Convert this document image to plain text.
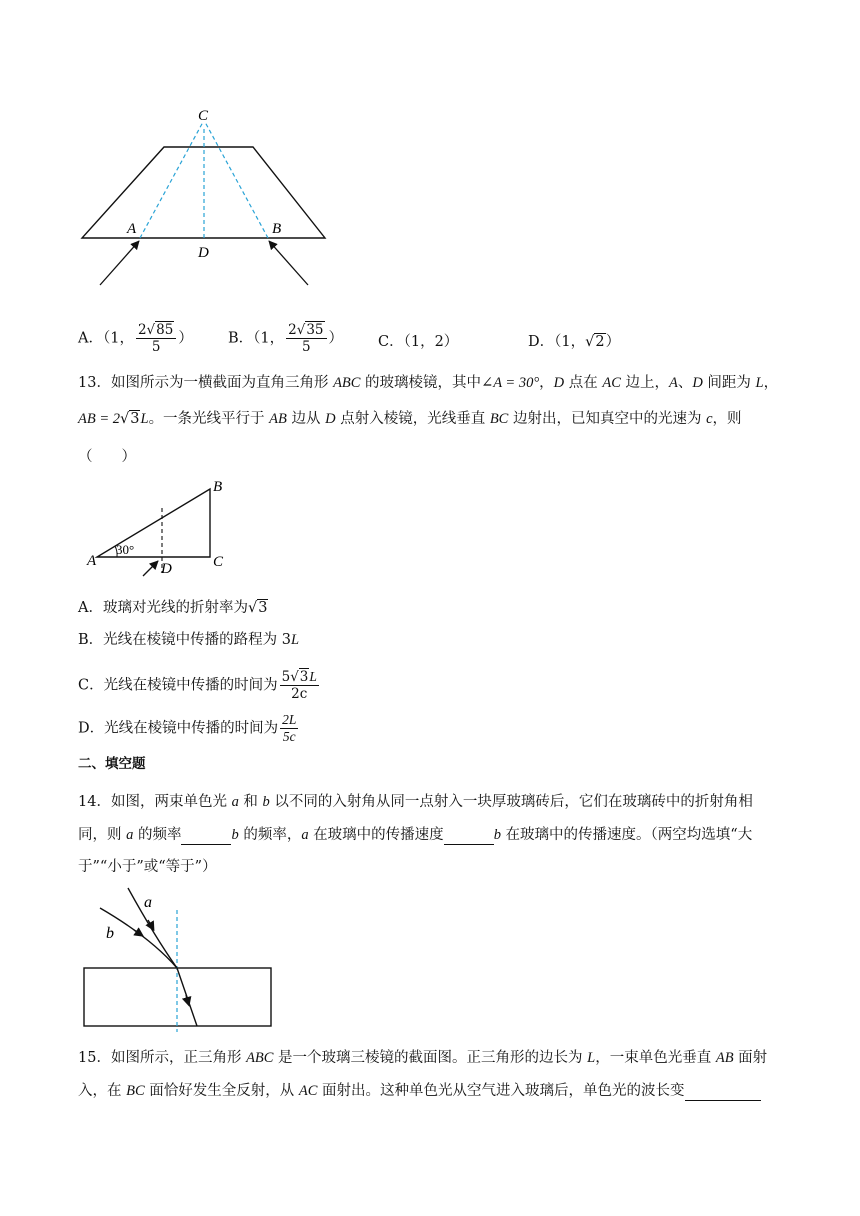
C
A
D
B
A．（1， $\frac{2√85}{5}$ ） B．（1， $\frac{2√35}{5}$ ） C．（1，2）	D．（1，√2）
13．如图所示为一横截面为直角三角形 ABC 的玻璃棱镜，其中∠A = 30°，D 点在 AC 边上，A、D 间距为 L，
AB = 2√3L。一条光线平行于 AB 边从 D 点射入棱镜，光线垂直 BC 边射出，已知真空中的光速为 c，则
（　　）
B
A	C
D
30°
A．玻璃对光线的折射率为√3
B．光线在棱镜中传播的路程为 3L
C．光线在棱镜中传播的时间为 $\frac{5√3L}{2c}$
D．光线在棱镜中传播的时间为 $\frac{2L}{5c}$
二、填空题
14．如图，两束单色光 a 和 b 以不同的入射角从同一点射入一块厚玻璃砖后，它们在玻璃砖中的折射角相
同，则 a 的频率	b 的频率，a 在玻璃中的传播速度	b 在玻璃中的传播速度。（两空均选填“大
于”“小于”或“等于”）
a
b
15．如图所示，正三角形 ABC 是一个玻璃三棱镜的截面图。正三角形的边长为 L，一束单色光垂直 AB 面射
入，在 BC 面恰好发生全反射，从 AC 面射出。这种单色光从空气进入玻璃后，单色光的波长变
